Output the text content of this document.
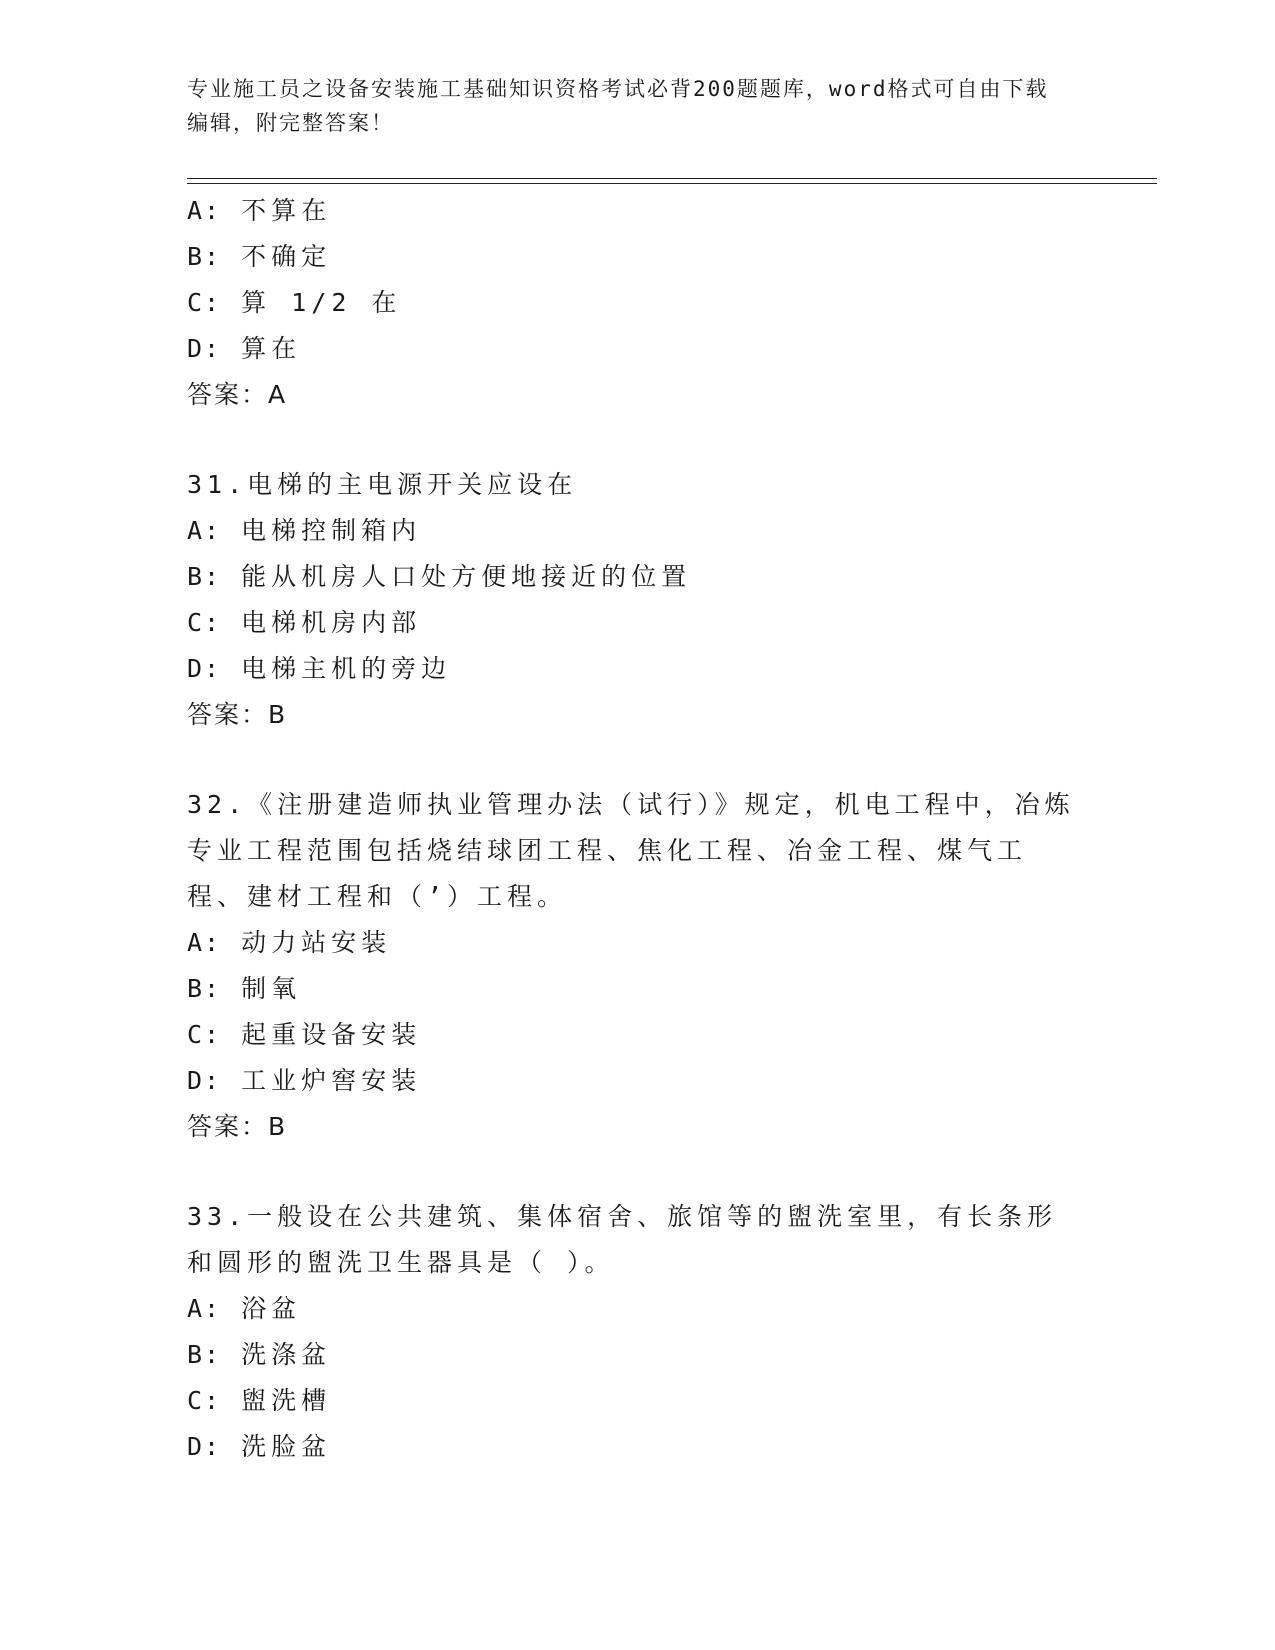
专业施工员之设备安装施工基础知识资格考试必背200题题库，word格式可自由下载编辑，附完整答案！
A: 不算在
B: 不确定
C: 算 1/2 在
D: 算在
答案：A
31.电梯的主电源开关应设在
A: 电梯控制箱内
B: 能从机房人口处方便地接近的位置
C: 电梯机房内部
D: 电梯主机的旁边
答案：B
32.《注册建造师执业管理办法（试行）》规定，机电工程中，冶炼专业工程范围包括烧结球团工程、焦化工程、冶金工程、煤气工程、建材工程和（’）工程。
A: 动力站安装
B: 制氧
C: 起重设备安装
D: 工业炉窖安装
答案：B
33.一般设在公共建筑、集体宿舍、旅馆等的盥洗室里，有长条形和圆形的盥洗卫生器具是（ ）。
A: 浴盆
B: 洗涤盆
C: 盥洗槽
D: 洗脸盆
